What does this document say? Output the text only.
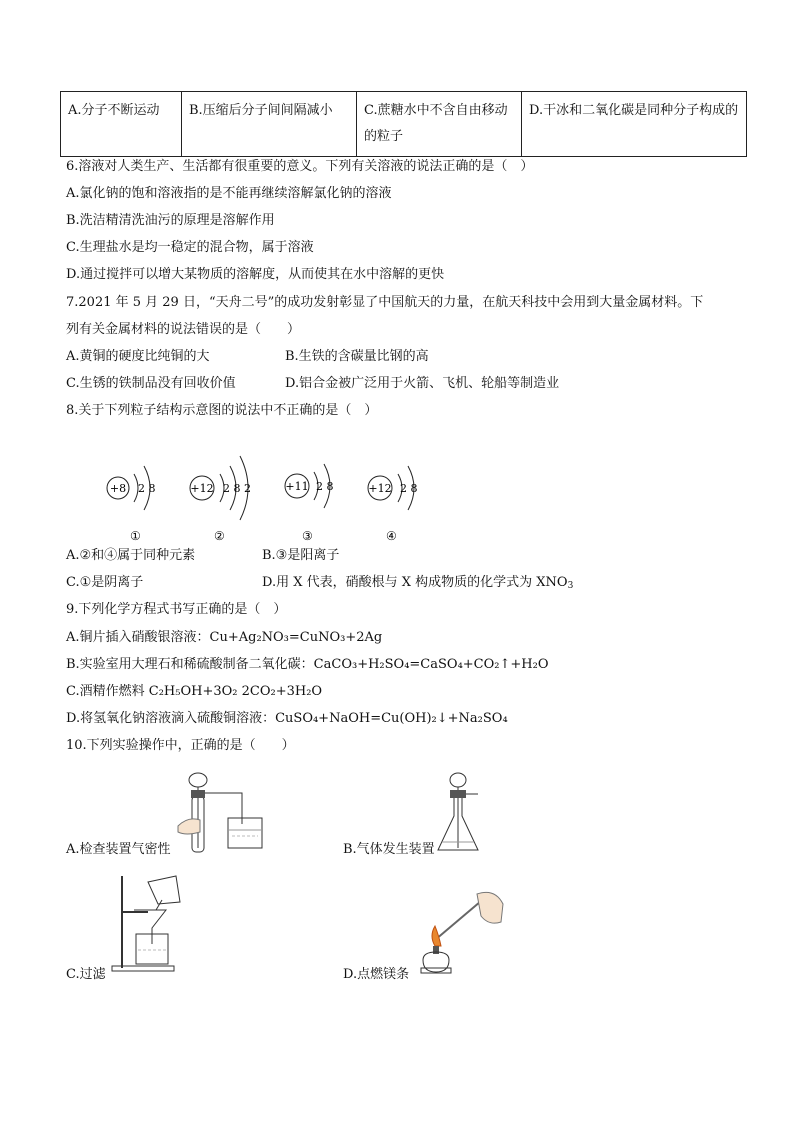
A.分子不断运动	B.压缩后分子间间隔减小	C.蔗糖水中不含自由移动的粒子	D.干冰和二氧化碳是同种分子构成的
6.溶液对人类生产、生活都有很重要的意义。下列有关溶液的说法正确的是（　）
A.氯化钠的饱和溶液指的是不能再继续溶解氯化钠的溶液
B.洗洁精清洗油污的原理是溶解作用
C.生理盐水是均一稳定的混合物，属于溶液
D.通过搅拌可以增大某物质的溶解度，从而使其在水中溶解的更快
7.2021 年 5 月 29 日，“天舟二号”的成功发射彰显了中国航天的力量，在航天科技中会用到大量金属材料。下
列有关金属材料的说法错误的是（　　）
A.黄铜的硬度比纯铜的大	B.生铁的含碳量比钢的高
C.生锈的铁制品没有回收价值	D.铝合金被广泛用于火箭、飞机、轮船等制造业
8.关于下列粒子结构示意图的说法中不正确的是（　）
+8 2 8
①
+12 2 8 2
②
+11 2 8
③
+12 2 8
④
A.②和④属于同种元素	B.③是阳离子
C.①是阴离子	D.用 X 代表，硝酸根与 X 构成物质的化学式为 $XNO_3$
9.下列化学方程式书写正确的是（　）
A.铜片插入硝酸银溶液：Cu+Ag₂NO₃=CuNO₃+2Ag
B.实验室用大理石和稀硫酸制备二氧化碳：CaCO₃+H₂SO₄=CaSO₄+CO₂↑+H₂O
C.酒精作燃料 C₂H₅OH+3O₂ 2CO₂+3H₂O
D.将氢氧化钠溶液滴入硫酸铜溶液：CuSO₄+NaOH=Cu(OH)₂↓+Na₂SO₄
10.下列实验操作中，正确的是（　　）
A.检查装置气密性	B.气体发生装置
C.过滤	D.点燃镁条
